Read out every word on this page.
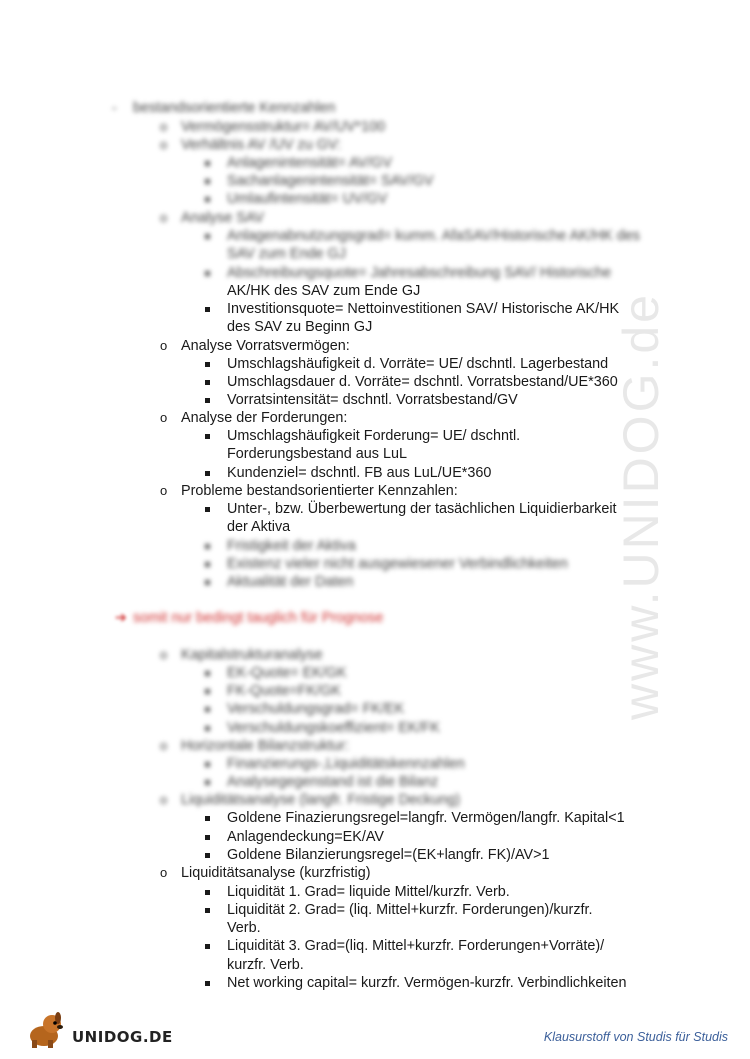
www.UNIDOG.de
- bestandsorientierte Kennzahlen
o Vermögensstruktur= AV/UV*100
o Verhältnis AV /UV zu GV:
Anlagenintensität= AV/GV
Sachanlagenintensität= SAV/GV
Umlaufintensität= UV/GV
o Analyse SAV
Anlagenabnutzungsgrad= kumm. AfaSAV/Historische AK/HK des
SAV zum Ende GJ
Abschreibungsquote= Jahresabschreibung SAV/ Historische
AK/HK des SAV zum Ende GJ
Investitionsquote= Nettoinvestitionen SAV/ Historische AK/HK
des SAV zu Beginn GJ
o Analyse Vorratsvermögen:
Umschlagshäufigkeit d. Vorräte= UE/ dschntl. Lagerbestand
Umschlagsdauer d. Vorräte= dschntl. Vorratsbestand/UE*360
Vorratsintensität= dschntl. Vorratsbestand/GV
o Analyse der Forderungen:
Umschlagshäufigkeit Forderung= UE/ dschntl.
Forderungsbestand aus LuL
Kundenziel= dschntl. FB aus LuL/UE*360
o Probleme bestandsorientierter Kennzahlen:
Unter-, bzw. Überbewertung der tasächlichen Liquidierbarkeit
der Aktiva
Fristigkeit der Aktiva
Existenz vieler nicht ausgewiesener Verbindlichkeiten
Aktualität der Daten
➔ somit nur bedingt tauglich für Prognose
o Kapitalstrukturanalyse
EK-Quote= EK/GK
FK-Quote=FK/GK
Verschuldungsgrad= FK/EK
Verschuldungskoeffizient= EK/FK
o Horizontale Bilanzstruktur:
Finanzierungs-,Liquiditätskennzahlen
Analysegegenstand ist die Bilanz
o Liquiditätsanalyse (langfr. Fristige Deckung)
Goldene Finazierungsregel=langfr. Vermögen/langfr. Kapital<1
Anlagendeckung=EK/AV
Goldene Bilanzierungsregel=(EK+langfr. FK)/AV>1
o Liquiditätsanalyse (kurzfristig)
Liquidität 1. Grad= liquide Mittel/kurzfr. Verb.
Liquidität 2. Grad= (liq. Mittel+kurzfr. Forderungen)/kurzfr.
Verb.
Liquidität 3. Grad=(liq. Mittel+kurzfr. Forderungen+Vorräte)/
kurzfr. Verb.
Net working capital= kurzfr. Vermögen-kurzfr. Verbindlichkeiten
UNIDOG.DE	Klausurstoff von Studis für Studis
